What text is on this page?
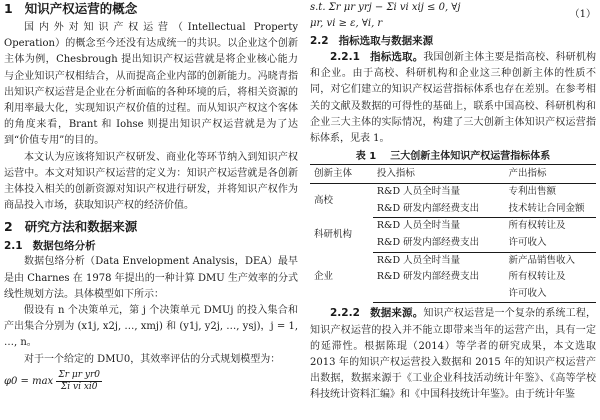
1 知识产权运营的概念

国内外对知识产权运营（Intellectual Property Operation）的概念至今还没有达成统一的共识。以企业这个创新主体为例，Chesbrough 提出知识产权运营就是将企业核心能力与企业知识产权相结合，从而提高企业内部的创新能力。冯晓青指出知识产权运营是企业在分析面临的各种环境的后，将相关资源的利用率最大化，实现知识产权价值的过程。而从知识产权这个客体的角度来看，Brant 和 Iohse 则提出知识产权运营就是为了达到“价值专用”的目的。

本文认为应该将知识产权研发、商业化等环节纳入到知识产权运营中。本文对知识产权运营的定义为：知识产权运营就是各创新主体投入相关的创新资源对知识产权进行研发，并将知识产权作为商品投入市场，获取知识产权的经济价值。

2 研究方法和数据来源
2.1 数据包络分析

数据包络分析（Data Envelopment Analysis，DEA）最早是由 Charnes 在 1978 年提出的一种计算 DMU 生产效率的分式线性规划方法。具体模型如下所示：

假设有 n 个决策单元，第 j 个决策单元 DMUj 的投入集合和产出集合分别为 (x1j, x2j, …, xmj) 和 (y1j, y2j, …, ysj)，j = 1, …, n。

对于一个给定的 DMU0，其效率评估的分式规划模型为：

$\varphi 0 = \max \frac{\text{Σr μr yr0}}{\text{Σi vi xi0}}$
s.t. Σr μr yrj − Σi vi xij ≤ 0, ∀j
μr, vi ≥ ε, ∀i, r
（1）
2.2 指标选取与数据来源

2.2.1 指标选取。我国创新主体主要是指高校、科研机构和企业。由于高校、科研机构和企业这三种创新主体的性质不同，对它们建立的知识产权运营指标体系也存在差别。在参考相关的文献及数据的可得性的基础上，联系中国高校、科研机构和企业三大主体的实际情况，构建了三大创新主体知识产权运营指标体系，见表 1。

表 1 三大创新主体知识产权运营指标体系
创新主体	投入指标	产出指标
高校	R&D 人员全时当量	专利出售额
	R&D 研发内部经费支出	技术转让合同金额
科研机构	R&D 人员全时当量	所有权转让及
	R&D 研发内部经费支出	许可收入
企业	R&D 人员全时当量	新产品销售收入
	R&D 研发内部经费支出	所有权转让及
		许可收入

2.2.2 数据来源。知识产权运营是一个复杂的系统工程，知识产权运营的投入并不能立即带来当年的运营产出，具有一定的延滞性。根据陈琨（2014）等学者的研究成果，本文选取 2013 年的知识产权运营投入数据和 2015 年的知识产权运营产出数据，数据来源于《工业企业科技活动统计年鉴》、《高等学校科技统计资料汇编》和《中国科技统计年鉴》。由于统计年鉴
